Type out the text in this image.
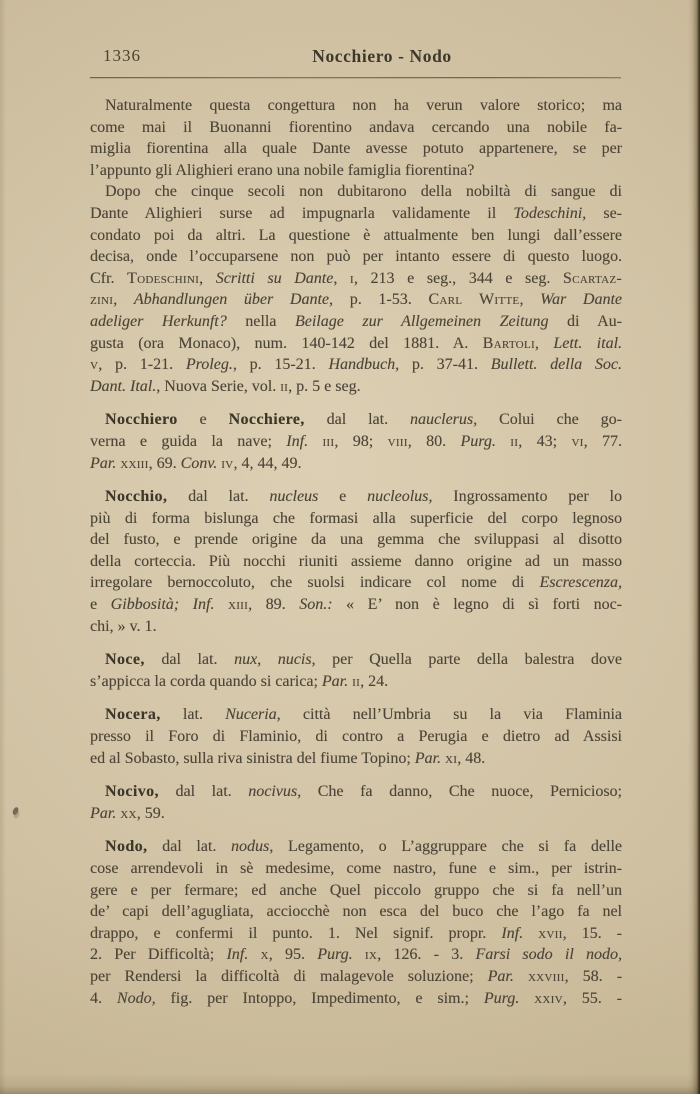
1336	Nocchiero - Nodo
Naturalmente questa congettura non ha verun valore storico; ma
come mai il Buonanni fiorentino andava cercando una nobile fa-
miglia fiorentina alla quale Dante avesse potuto appartenere, se per
l’appunto gli Alighieri erano una nobile famiglia fiorentina?
Dopo che cinque secoli non dubitarono della nobiltà di sangue di
Dante Alighieri surse ad impugnarla validamente il Todeschini, se-
condato poi da altri. La questione è attualmente ben lungi dall’essere
decisa, onde l’occuparsene non può per intanto essere di questo luogo.
Cfr. Todeschini, Scritti su Dante, i, 213 e seg., 344 e seg. Scartaz-
zini, Abhandlungen über Dante, p. 1-53. Carl Witte, War Dante
adeliger Herkunft? nella Beilage zur Allgemeinen Zeitung di Au-
gusta (ora Monaco), num. 140-142 del 1881. A. Bartoli, Lett. ital.
v, p. 1-21. Proleg., p. 15-21. Handbuch, p. 37-41. Bullett. della Soc.
Dant. Ital., Nuova Serie, vol. ii, p. 5 e seg.
Nocchiero e Nocchiere, dal lat. nauclerus, Colui che go-
verna e guida la nave; Inf. iii, 98; viii, 80. Purg. ii, 43; vi, 77.
Par. xxiii, 69. Conv. iv, 4, 44, 49.
Nocchio, dal lat. nucleus e nucleolus, Ingrossamento per lo
più di forma bislunga che formasi alla superficie del corpo legnoso
del fusto, e prende origine da una gemma che sviluppasi al disotto
della corteccia. Più nocchi riuniti assieme danno origine ad un masso
irregolare bernoccoluto, che suolsi indicare col nome di Escrescenza,
e Gibbosità; Inf. xiii, 89. Son.: « E’ non è legno di sì forti noc-
chi, » v. 1.
Noce, dal lat. nux, nucis, per Quella parte della balestra dove
s’appicca la corda quando si carica; Par. ii, 24.
Nocera, lat. Nuceria, città nell’Umbria su la via Flaminia
presso il Foro di Flaminio, di contro a Perugia e dietro ad Assisi
ed al Sobasto, sulla riva sinistra del fiume Topino; Par. xi, 48.
Nocivo, dal lat. nocivus, Che fa danno, Che nuoce, Pernicioso;
Par. xx, 59.
Nodo, dal lat. nodus, Legamento, o L’aggruppare che si fa delle
cose arrendevoli in sè medesime, come nastro, fune e sim., per istrin-
gere e per fermare; ed anche Quel piccolo gruppo che si fa nell’un
de’ capi dell’agugliata, acciocchè non esca del buco che l’ago fa nel
drappo, e confermi il punto. 1. Nel signif. propr. Inf. xvii, 15. -
2. Per Difficoltà; Inf. x, 95. Purg. ix, 126. - 3. Farsi sodo il nodo,
per Rendersi la difficoltà di malagevole soluzione; Par. xxviii, 58. -
4. Nodo, fig. per Intoppo, Impedimento, e sim.; Purg. xxiv, 55. -
